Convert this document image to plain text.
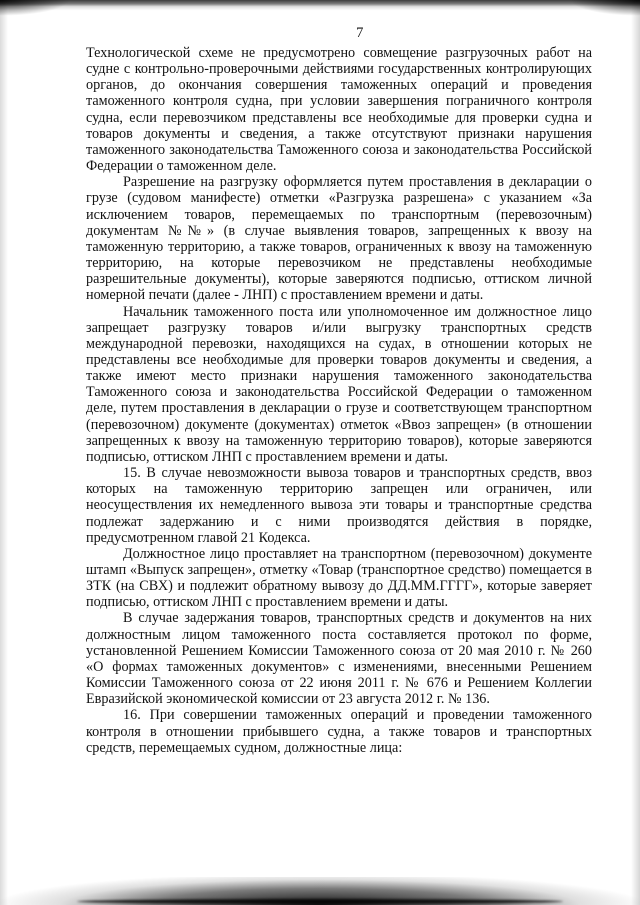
7

Технологической схеме не предусмотрено совмещение разгрузочных работ на судне с контрольно-проверочными действиями государственных контролирующих органов, до окончания совершения таможенных операций и проведения таможенного контроля судна, при условии завершения пограничного контроля судна, если перевозчиком представлены все необходимые для проверки судна и товаров документы и сведения, а также отсутствуют признаки нарушения таможенного законодательства Таможенного союза и законодательства Российской Федерации о таможенном деле.

Разрешение на разгрузку оформляется путем проставления в декларации о грузе (судовом манифесте) отметки «Разгрузка разрешена» с указанием «За исключением товаров, перемещаемых по транспортным (перевозочным) документам №№» (в случае выявления товаров, запрещенных к ввозу на таможенную территорию, а также товаров, ограниченных к ввозу на таможенную территорию, на которые перевозчиком не представлены необходимые разрешительные документы), которые заверяются подписью, оттиском личной номерной печати (далее - ЛНП) с проставлением времени и даты.

Начальник таможенного поста или уполномоченное им должностное лицо запрещает разгрузку товаров и/или выгрузку транспортных средств международной перевозки, находящихся на судах, в отношении которых не представлены все необходимые для проверки товаров документы и сведения, а также имеют место признаки нарушения таможенного законодательства Таможенного союза и законодательства Российской Федерации о таможенном деле, путем проставления в декларации о грузе и соответствующем транспортном (перевозочном) документе (документах) отметок «Ввоз запрещен» (в отношении запрещенных к ввозу на таможенную территорию товаров), которые заверяются подписью, оттиском ЛНП с проставлением времени и даты.

15. В случае невозможности вывоза товаров и транспортных средств, ввоз которых на таможенную территорию запрещен или ограничен, или неосуществления их немедленного вывоза эти товары и транспортные средства подлежат задержанию и с ними производятся действия в порядке, предусмотренном главой 21 Кодекса.

Должностное лицо проставляет на транспортном (перевозочном) документе штамп «Выпуск запрещен», отметку «Товар (транспортное средство) помещается в ЗТК (на СВХ) и подлежит обратному вывозу до ДД.ММ.ГГГГ», которые заверяет подписью, оттиском ЛНП с проставлением времени и даты.

В случае задержания товаров, транспортных средств и документов на них должностным лицом таможенного поста составляется протокол по форме, установленной Решением Комиссии Таможенного союза от 20 мая 2010 г. № 260 «О формах таможенных документов» с изменениями, внесенными Решением Комиссии Таможенного союза от 22 июня 2011 г. № 676 и Решением Коллегии Евразийской экономической комиссии от 23 августа 2012 г. № 136.

16. При совершении таможенных операций и проведении таможенного контроля в отношении прибывшего судна, а также товаров и транспортных средств, перемещаемых судном, должностные лица:
